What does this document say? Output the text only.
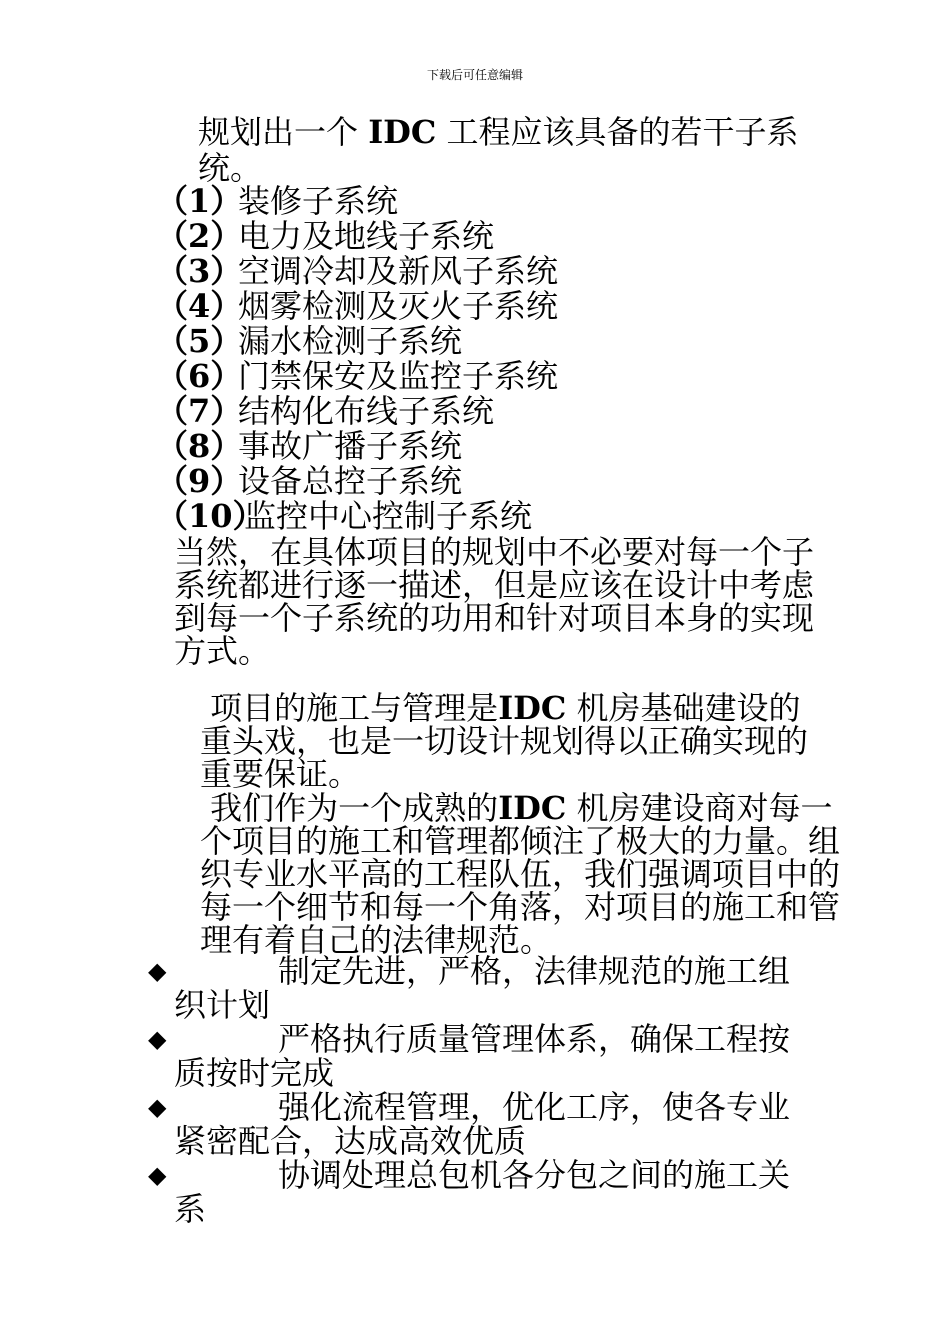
下载后可任意编辑
规划出一个 IDC 工程应该具备的若干子系统。
（1）装修子系统
（2）电力及地线子系统
（3）空调冷却及新风子系统
（4）烟雾检测及灭火子系统
（5）漏水检测子系统
（6）门禁保安及监控子系统
（7）结构化布线子系统
（8）事故广播子系统
（9）设备总控子系统
（10）监控中心控制子系统
当然，在具体项目的规划中不必要对每一个子系统都进行逐一描述，但是应该在设计中考虑到每一个子系统的功用和针对项目本身的实现方式。
项目的施工与管理是IDC 机房基础建设的重头戏，也是一切设计规划得以正确实现的重要保证。
我们作为一个成熟的IDC 机房建设商对每一个项目的施工和管理都倾注了极大的力量。组织专业水平高的工程队伍，我们强调项目中的每一个细节和每一个角落，对项目的施工和管理有着自己的法律规范。
◆	制定先进，严格，法律规范的施工组
织计划
◆	严格执行质量管理体系，确保工程按
质按时完成
◆	强化流程管理，优化工序，使各专业
紧密配合，达成高效优质
◆	协调处理总包机各分包之间的施工关
系
